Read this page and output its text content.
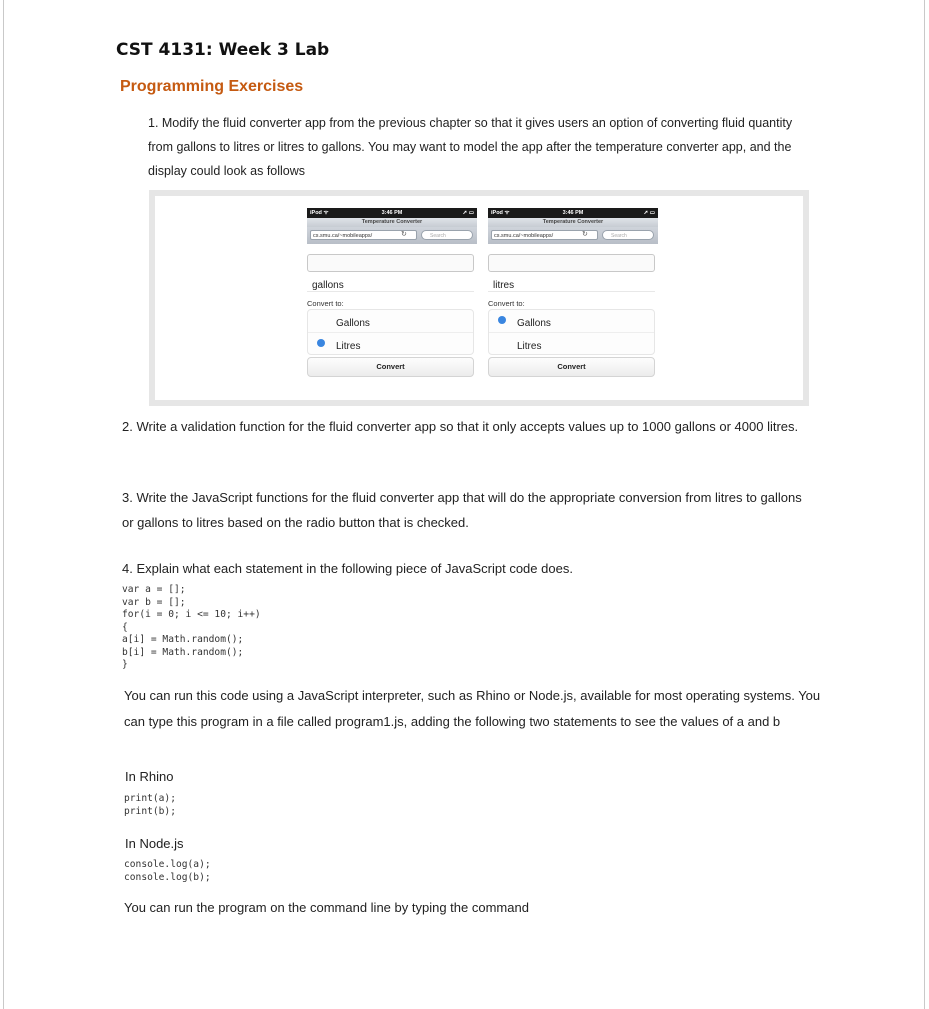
CST 4131: Week 3 Lab
Programming Exercises
1. Modify the fluid converter app from the previous chapter so that it gives users an option of converting fluid quantity from gallons to litres or litres to gallons. You may want to model the app after the temperature converter app, and the display could look as follows
iPod ᯤ	3:46 PM	➚ ▭
Temperature Converter
cs.smu.ca/~mobileapps/	↻	Search
gallons
Convert to:
Gallons
Litres
Convert
iPod ᯤ	3:46 PM	➚ ▭
Temperature Converter
cs.smu.ca/~mobileapps/	↻	Search
litres
Convert to:
Gallons
Litres
Convert
2. Write a validation function for the fluid converter app so that it only accepts values up to 1000 gallons or 4000 litres.
3. Write the JavaScript functions for the fluid converter app that will do the appropriate conversion from litres to gallons or gallons to litres based on the radio button that is checked.
4. Explain what each statement in the following piece of JavaScript code does.
var a = [];
var b = [];
for(i = 0; i <= 10; i++)
{
a[i] = Math.random();
b[i] = Math.random();
}
You can run this code using a JavaScript interpreter, such as Rhino or Node.js, available for most operating systems. You can type this program in a file called program1.js, adding the following two statements to see the values of a and b
In Rhino
print(a);
print(b);
In Node.js
console.log(a);
console.log(b);
You can run the program on the command line by typing the command
